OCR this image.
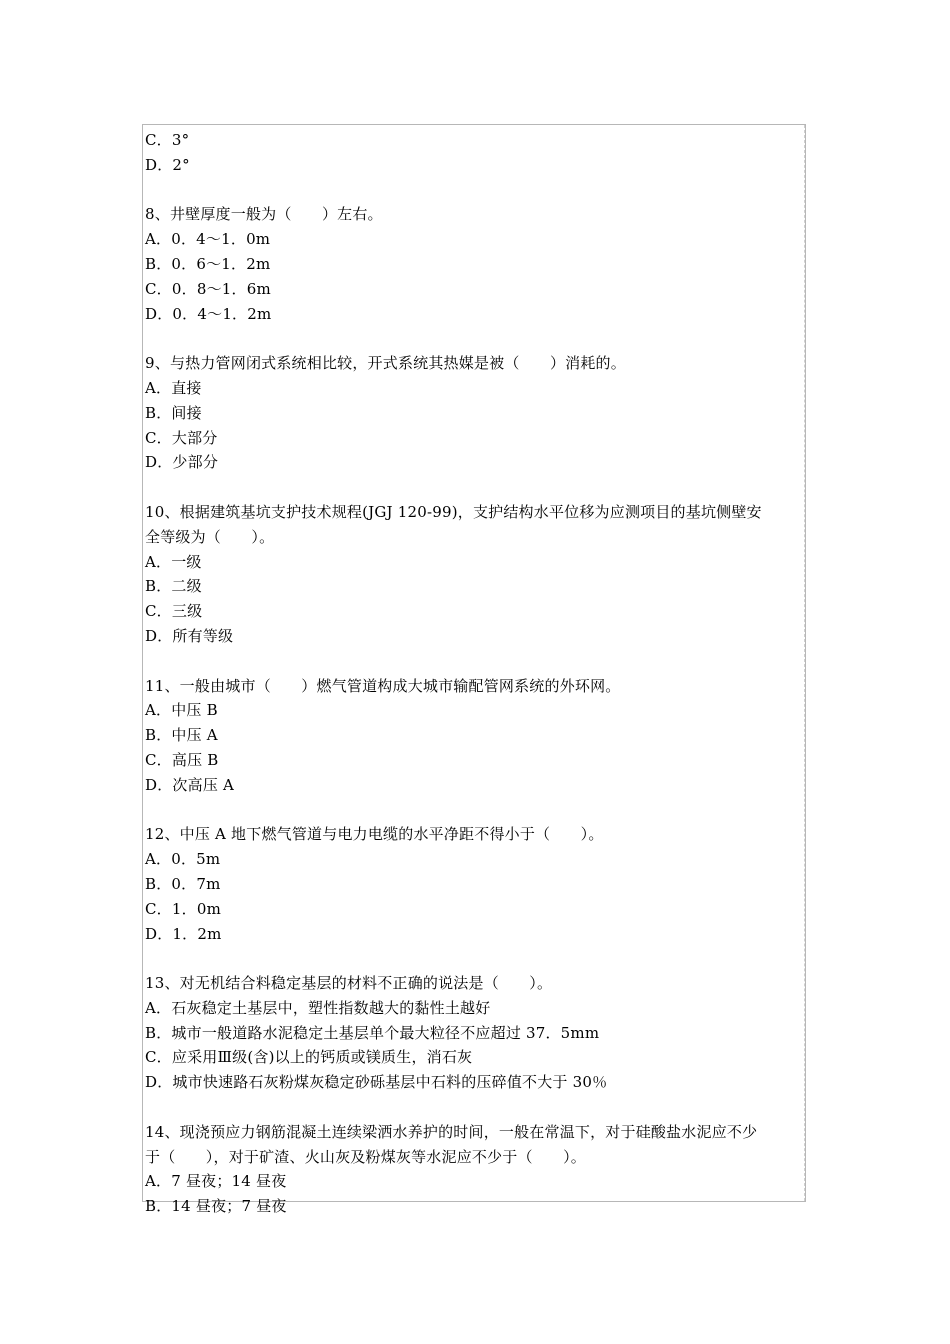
C．3°
D．2°
8、井壁厚度一般为（　　）左右。
A．0．4～1．0m
B．0．6～1．2m
C．0．8～1．6m
D．0．4～1．2m
9、与热力管网闭式系统相比较，开式系统其热媒是被（　　）消耗的。
A．直接
B．间接
C．大部分
D．少部分
10、根据建筑基坑支护技术规程(JGJ 120-99)，支护结构水平位移为应测项目的基坑侧壁安
全等级为（　　）。
A．一级
B．二级
C．三级
D．所有等级
11、一般由城市（　　）燃气管道构成大城市输配管网系统的外环网。
A．中压 B
B．中压 A
C．高压 B
D．次高压 A
12、中压 A 地下燃气管道与电力电缆的水平净距不得小于（　　）。
A．0．5m
B．0．7m
C．1．0m
D．1．2m
13、对无机结合料稳定基层的材料不正确的说法是（　　）。
A．石灰稳定土基层中，塑性指数越大的黏性土越好
B．城市一般道路水泥稳定土基层单个最大粒径不应超过 37．5mm
C．应采用Ⅲ级(含)以上的钙质或镁质生，消石灰
D．城市快速路石灰粉煤灰稳定砂砾基层中石料的压碎值不大于 30％
14、现浇预应力钢筋混凝土连续梁洒水养护的时间，一般在常温下，对于硅酸盐水泥应不少
于（　　），对于矿渣、火山灰及粉煤灰等水泥应不少于（　　）。
A．7 昼夜；14 昼夜
B．14 昼夜；7 昼夜
